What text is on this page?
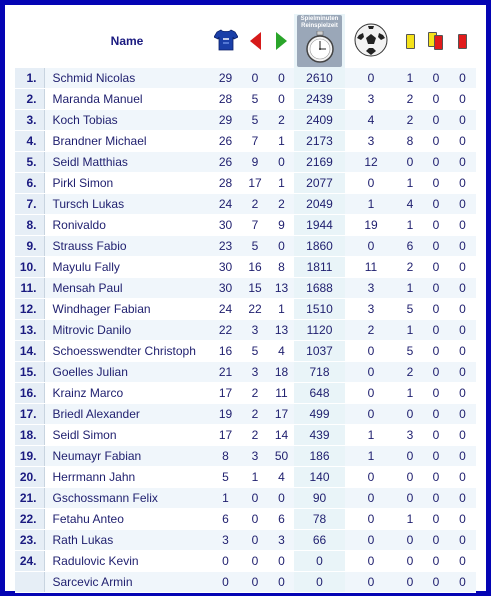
	Name				Spielminuten Reinspielzeit

1.	Schmid Nicolas	29	0	0	2610	0	1	0	0
2.	Maranda Manuel	28	5	0	2439	3	2	0	0
3.	Koch Tobias	29	5	2	2409	4	2	0	0
4.	Brandner Michael	26	7	1	2173	3	8	0	0
5.	Seidl Matthias	26	9	0	2169	12	0	0	0
6.	Pirkl Simon	28	17	1	2077	0	1	0	0
7.	Tursch Lukas	24	2	2	2049	1	4	0	0
8.	Ronivaldo	30	7	9	1944	19	1	0	0
9.	Strauss Fabio	23	5	0	1860	0	6	0	0
10.	Mayulu Fally	30	16	8	1811	11	2	0	0
11.	Mensah Paul	30	15	13	1688	3	1	0	0
12.	Windhager Fabian	24	22	1	1510	3	5	0	0
13.	Mitrovic Danilo	22	3	13	1120	2	1	0	0
14.	Schoesswendter Christoph	16	5	4	1037	0	5	0	0
15.	Goelles Julian	21	3	18	718	0	2	0	0
16.	Krainz Marco	17	2	11	648	0	1	0	0
17.	Briedl Alexander	19	2	17	499	0	0	0	0
18.	Seidl Simon	17	2	14	439	1	3	0	0
19.	Neumayr Fabian	8	3	50	186	1	0	0	0
20.	Herrmann Jahn	5	1	4	140	0	0	0	0
21.	Gschossmann Felix	1	0	0	90	0	0	0	0
22.	Fetahu Anteo	6	0	6	78	0	1	0	0
23.	Rath Lukas	3	0	3	66	0	0	0	0
24.	Radulovic Kevin	0	0	0	0	0	0	0	0
	Sarcevic Armin	0	0	0	0	0	0	0	0
